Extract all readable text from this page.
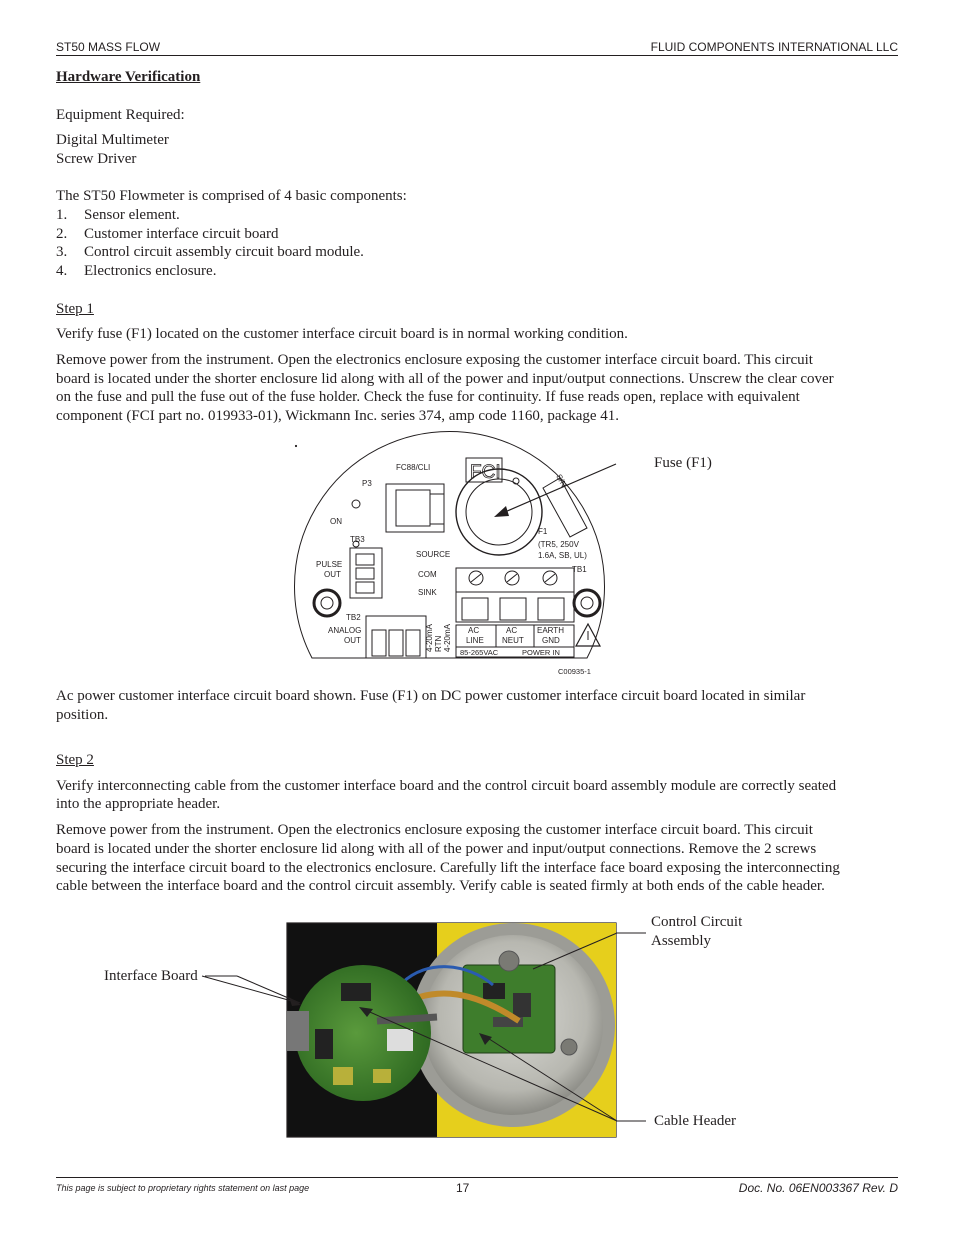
ST50 MASS FLOW	FLUID COMPONENTS INTERNATIONAL LLC
Hardware Verification
Equipment Required:
Digital Multimeter
Screw Driver
The ST50 Flowmeter is comprised of 4 basic components:
1. Sensor element.
2. Customer interface circuit board
3. Control circuit assembly circuit board module.
4. Electronics enclosure.
Step 1
Verify fuse (F1) located on the customer interface circuit board is in normal working condition.
Remove power from the instrument. Open the electronics enclosure exposing the customer interface circuit board. This circuit
board is located under the shorter enclosure lid along with all of the power and input/output connections. Unscrew the clear cover
on the fuse and pull the fuse out of the fuse holder. Check the fuse for continuity. If fuse reads open, replace with equivalent
component (FCI part no. 019933-01), Wickmann Inc. series 374, amp code 1160, package 41.
FC88/CLI
P3
ON
TB3
PULSE
OUT
SOURCE
COM
SINK
TB2
ANALOG
OUT
F1
(TR5, 250V
1.6A, SB, UL)
TB1
AC
LINE
AC
NEUT
EARTH
GND
85-265VAC	POWER IN
C00935-1
4-20mA RTN 4-20mA
S/N
FCI	Fuse (F1)
Ac power customer interface circuit board shown. Fuse (F1) on DC power customer interface circuit board located in similar
position.
Step 2
Verify interconnecting cable from the customer interface board and the control circuit board assembly module are correctly seated
into the appropriate header.
Remove power from the instrument. Open the electronics enclosure exposing the customer interface circuit board. This circuit
board is located under the shorter enclosure lid along with all of the power and input/output connections. Remove the 2 screws
securing the interface circuit board to the electronics enclosure. Carefully lift the interface face board exposing the interconnecting
cable between the interface board and the control circuit assembly. Verify cable is seated firmly at both ends of the cable header.
Interface Board
Control Circuit
Assembly
Cable Header
This page is subject to proprietary rights statement on last page	17	Doc. No. 06EN003367 Rev. D
